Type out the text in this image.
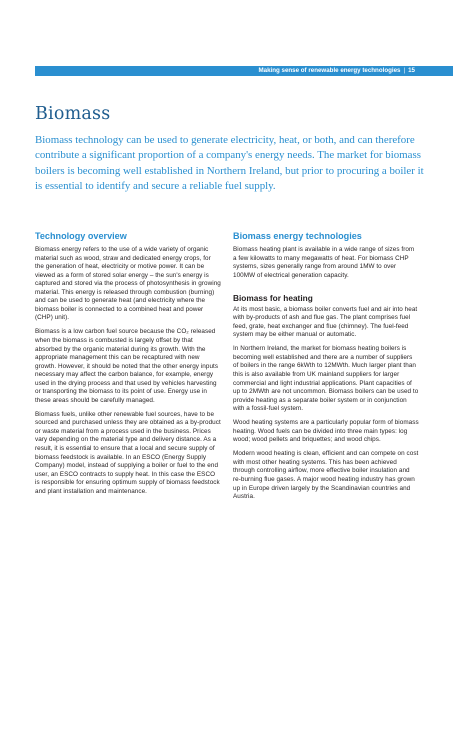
Making sense of renewable energy technologies | 15
Biomass

Biomass technology can be used to generate electricity, heat, or both, and can therefore contribute a significant proportion of a company's energy needs. The market for biomass boilers is becoming well established in Northern Ireland, but prior to procuring a boiler it is essential to identify and secure a reliable fuel supply.

Technology overview

Biomass energy refers to the use of a wide variety of organic material such as wood, straw and dedicated energy crops, for the generation of heat, electricity or motive power. It can be viewed as a form of stored solar energy – the sun's energy is captured and stored via the process of photosynthesis in growing material. This energy is released through combustion (burning) and can be used to generate heat (and electricity where the biomass boiler is connected to a combined heat and power (CHP) unit).

Biomass is a low carbon fuel source because the CO₂ released when the biomass is combusted is largely offset by that absorbed by the organic material during its growth. With the appropriate management this can be recaptured with new growth. However, it should be noted that the other energy inputs necessary may affect the carbon balance, for example, energy used in the drying process and that used by vehicles harvesting or transporting the biomass to its point of use. Energy use in these areas should be carefully managed.

Biomass fuels, unlike other renewable fuel sources, have to be sourced and purchased unless they are obtained as a by-product or waste material from a process used in the business. Prices vary depending on the material type and delivery distance. As a result, it is essential to ensure that a local and secure supply of biomass feedstock is available. In an ESCO (Energy Supply Company) model, instead of supplying a boiler or fuel to the end user, an ESCO contracts to supply heat. In this case the ESCO is responsible for ensuring optimum supply of biomass feedstock and plant installation and maintenance.

Biomass energy technologies

Biomass heating plant is available in a wide range of sizes from a few kilowatts to many megawatts of heat. For biomass CHP systems, sizes generally range from around 1MW to over 100MW of electrical generation capacity.

Biomass for heating

At its most basic, a biomass boiler converts fuel and air into heat with by-products of ash and flue gas. The plant comprises fuel feed, grate, heat exchanger and flue (chimney). The fuel-feed system may be either manual or automatic.

In Northern Ireland, the market for biomass heating boilers is becoming well established and there are a number of suppliers of boilers in the range 6kWth to 12MWth. Much larger plant than this is also available from UK mainland suppliers for larger commercial and light industrial applications. Plant capacities of up to 2MWth are not uncommon. Biomass boilers can be used to provide heating as a separate boiler system or in conjunction with a fossil-fuel system.

Wood heating systems are a particularly popular form of biomass heating. Wood fuels can be divided into three main types: log wood; wood pellets and briquettes; and wood chips.

Modern wood heating is clean, efficient and can compete on cost with most other heating systems. This has been achieved through controlling airflow, more effective boiler insulation and re-burning flue gases. A major wood heating industry has grown up in Europe driven largely by the Scandinavian countries and Austria.
